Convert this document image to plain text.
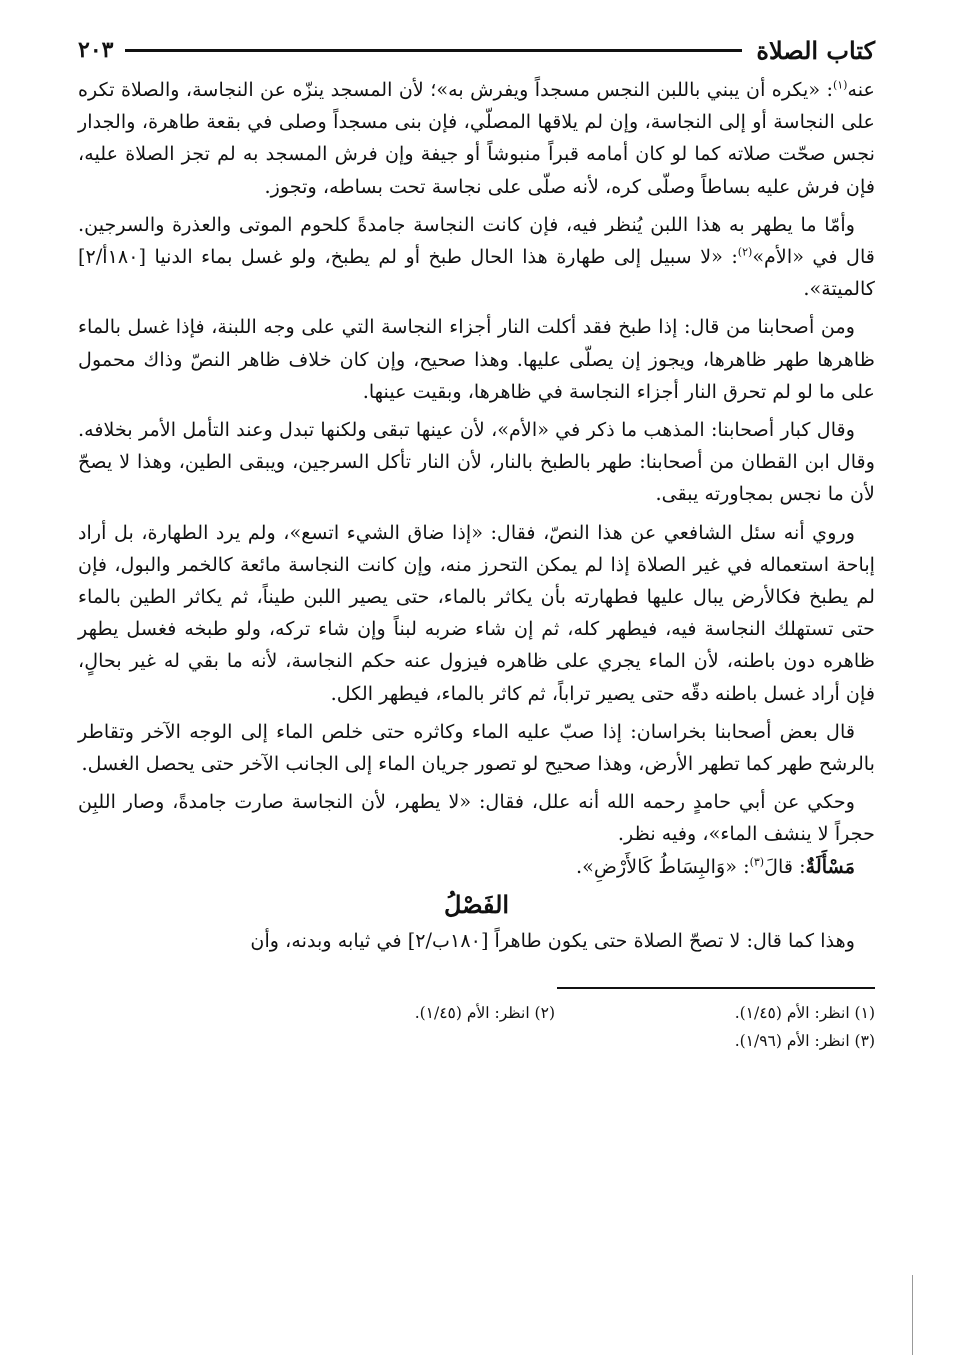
كتاب الصلاة
٢٠٣

عنه$^{(١)}$: «يكره أن يبني باللبن النجس مسجداً ويفرش به»؛ لأن المسجد ينزّه عن النجاسة، والصلاة تكره على النجاسة أو إلى النجاسة، وإن لم يلاقها المصلّي، فإن بنى مسجداً وصلى في بقعة طاهرة، والجدار نجس صحّت صلاته كما لو كان أمامه قبراً منبوشاً أو جيفة وإن فرش المسجد به لم تجز الصلاة عليه، فإن فرش عليه بساطاً وصلّى كره، لأنه صلّى على نجاسة تحت بساطه، وتجوز.

وأمّا ما يطهر به هذا اللبن يُنظر فيه، فإن كانت النجاسة جامدةً كلحوم الموتى والعذرة والسرجين. قال في «الأم»$^{(٢)}$: «لا سبيل إلى طهارة هذا الحال طبخ أو لم يطبخ، ولو غسل بماء الدنيا [١٨٠أ/٢] كالميتة».

ومن أصحابنا من قال: إذا طبخ فقد أكلت النار أجزاء النجاسة التي على وجه اللبنة، فإذا غسل بالماء ظاهرها طهر ظاهرها، ويجوز إن يصلّى عليها. وهذا صحيح، وإن كان خلاف ظاهر النصّ وذاك محمول على ما لو لم تحرق النار أجزاء النجاسة في ظاهرها، وبقيت عينها.

وقال كبار أصحابنا: المذهب ما ذكر في «الأم»، لأن عينها تبقى ولكنها تبدل وعند التأمل الأمر بخلافه. وقال ابن القطان من أصحابنا: طهر بالطبخ بالنار، لأن النار تأكل السرجين، ويبقى الطين، وهذا لا يصحّ لأن ما نجس بمجاورته يبقى.

وروي أنه سئل الشافعي عن هذا النصّ، فقال: «إذا ضاق الشيء اتسع»، ولم يرد الطهارة، بل أراد إباحة استعماله في غير الصلاة إذا لم يمكن التحرز منه، وإن كانت النجاسة مائعة كالخمر والبول، فإن لم يطبخ فكالأرض يبال عليها فطهارته بأن يكاثر بالماء، حتى يصير اللبن طيناً، ثم يكاثر الطين بالماء حتى تستهلك النجاسة فيه، فيطهر كله، ثم إن شاء ضربه لبناً وإن شاء تركه، ولو طبخه فغسل يطهر ظاهره دون باطنه، لأن الماء يجري على ظاهره فيزول عنه حكم النجاسة، لأنه ما بقي له غير بحالٍ، فإن أراد غسل باطنه دقّه حتى يصير تراباً، ثم كاثر بالماء، فيطهر الكل.

قال بعض أصحابنا بخراسان: إذا صبّ عليه الماء وكاثره حتى خلص الماء إلى الوجه الآخر وتقاطر بالرشح طهر كما تطهر الأرض، وهذا صحيح لو تصور جريان الماء إلى الجانب الآخر حتى يحصل الغسل.

وحكي عن أبي حامدٍ رحمه الله أنه علل، فقال: «لا يطهر، لأن النجاسة صارت جامدةً، وصار اللبِن حجراً لا ينشف الماء»، وفيه نظر.

مَسْأَلَةٌ: قالَ$^{(٣)}$: «وَالبِسَاطُ كَالأَرْضِ».

الفَصْلُ

وهذا كما قال: لا تصحّ الصلاة حتى يكون طاهراً [١٨٠ب/٢] في ثيابه وبدنه، وأن

(١) انظر: الأم (١/٤٥).
(٢) انظر: الأم (١/٤٥).
(٣) انظر: الأم (١/٩٦).
